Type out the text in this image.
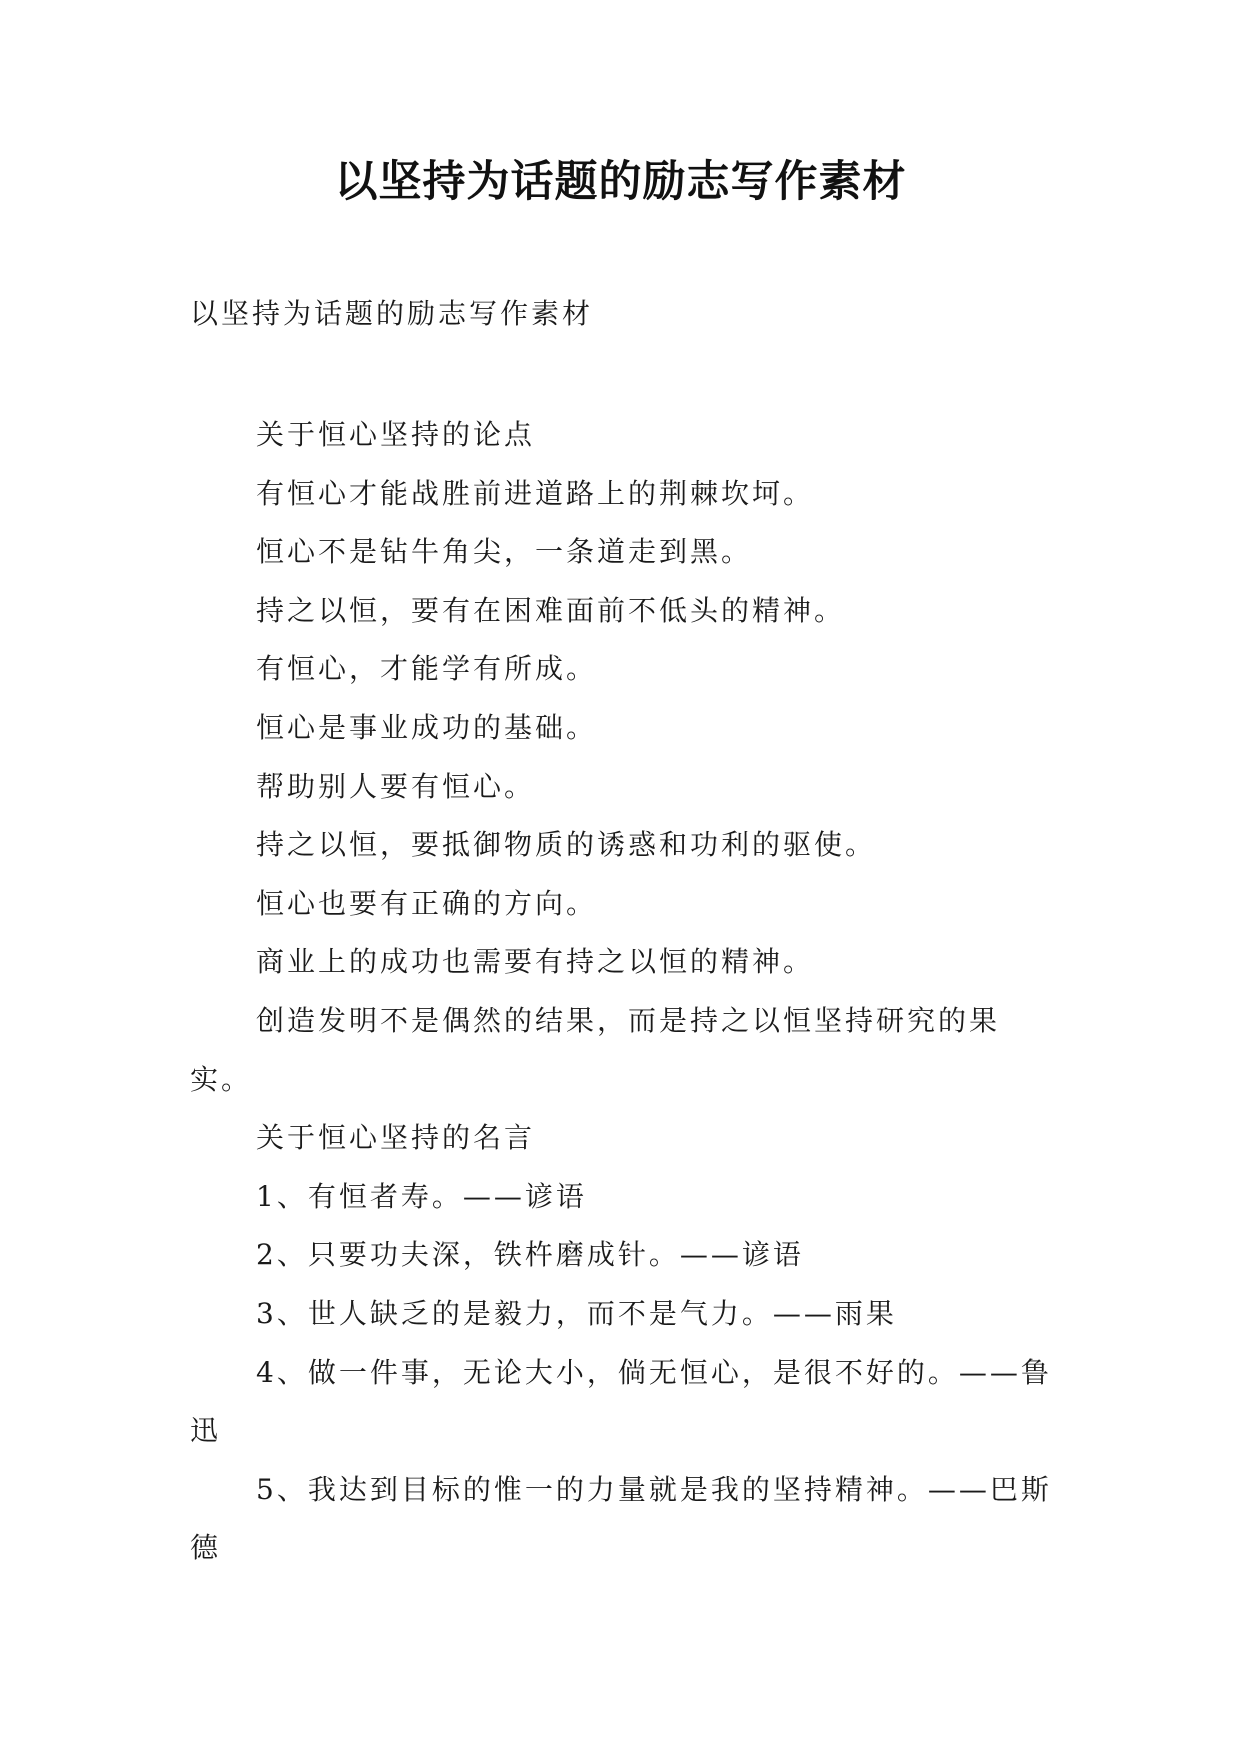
以坚持为话题的励志写作素材

以坚持为话题的励志写作素材

关于恒心坚持的论点

有恒心才能战胜前进道路上的荆棘坎坷。

恒心不是钻牛角尖，一条道走到黑。

持之以恒，要有在困难面前不低头的精神。

有恒心，才能学有所成。

恒心是事业成功的基础。

帮助别人要有恒心。

持之以恒，要抵御物质的诱惑和功利的驱使。

恒心也要有正确的方向。

商业上的成功也需要有持之以恒的精神。

创造发明不是偶然的结果，而是持之以恒坚持研究的果实。

关于恒心坚持的名言

1、有恒者寿。——谚语

2、只要功夫深，铁杵磨成针。——谚语

3、世人缺乏的是毅力，而不是气力。——雨果

4、做一件事，无论大小，倘无恒心，是很不好的。——鲁迅

5、我达到目标的惟一的力量就是我的坚持精神。——巴斯德
